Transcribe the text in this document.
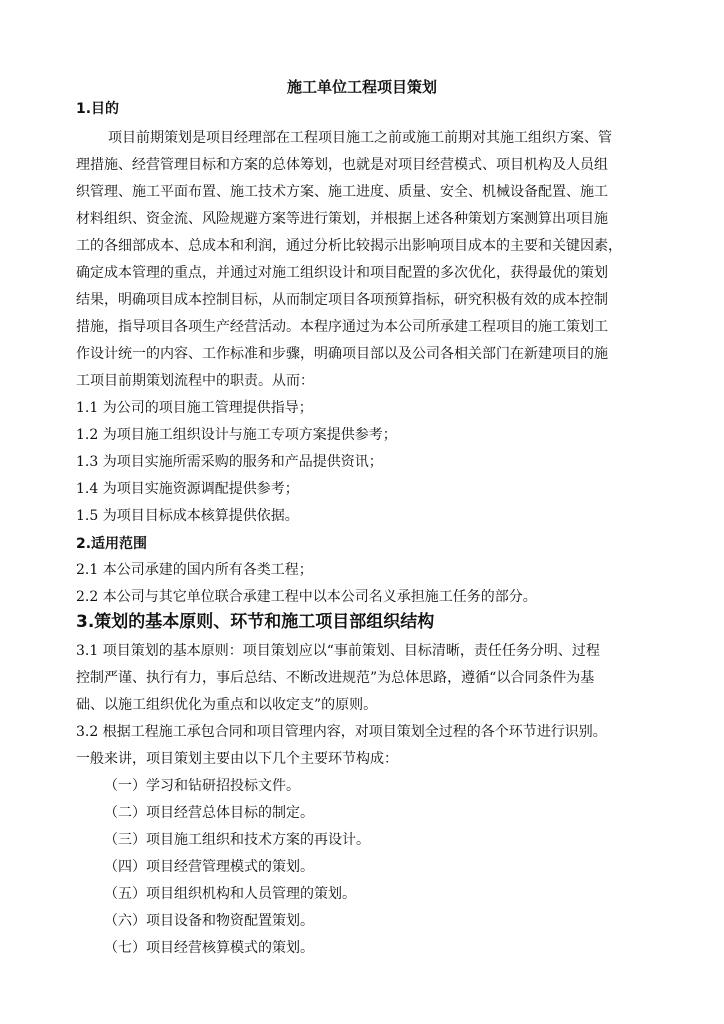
施工单位工程项目策划
1.目的
项目前期策划是项目经理部在工程项目施工之前或施工前期对其施工组织方案、管
理措施、经营管理目标和方案的总体筹划，也就是对项目经营模式、项目机构及人员组
织管理、施工平面布置、施工技术方案、施工进度、质量、安全、机械设备配置、施工
材料组织、资金流、风险规避方案等进行策划，并根据上述各种策划方案测算出项目施
工的各细部成本、总成本和利润，通过分析比较揭示出影响项目成本的主要和关键因素，
确定成本管理的重点，并通过对施工组织设计和项目配置的多次优化，获得最优的策划
结果，明确项目成本控制目标，从而制定项目各项预算指标，研究积极有效的成本控制
措施，指导项目各项生产经营活动。本程序通过为本公司所承建工程项目的施工策划工
作设计统一的内容、工作标准和步骤，明确项目部以及公司各相关部门在新建项目的施
工项目前期策划流程中的职责。从而：
1.1 为公司的项目施工管理提供指导；
1.2 为项目施工组织设计与施工专项方案提供参考；
1.3 为项目实施所需采购的服务和产品提供资讯；
1.4 为项目实施资源调配提供参考；
1.5 为项目目标成本核算提供依据。
2.适用范围
2.1 本公司承建的国内所有各类工程；
2.2 本公司与其它单位联合承建工程中以本公司名义承担施工任务的部分。
3.策划的基本原则、环节和施工项目部组织结构
3.1 项目策划的基本原则：项目策划应以“事前策划、目标清晰，责任任务分明、过程
控制严谨、执行有力，事后总结、不断改进规范”为总体思路，遵循“以合同条件为基
础、以施工组织优化为重点和以收定支”的原则。
3.2 根据工程施工承包合同和项目管理内容，对项目策划全过程的各个环节进行识别。
一般来讲，项目策划主要由以下几个主要环节构成：
（一）学习和钻研招投标文件。
（二）项目经营总体目标的制定。
（三）项目施工组织和技术方案的再设计。
（四）项目经营管理模式的策划。
（五）项目组织机构和人员管理的策划。
（六）项目设备和物资配置策划。
（七）项目经营核算模式的策划。
